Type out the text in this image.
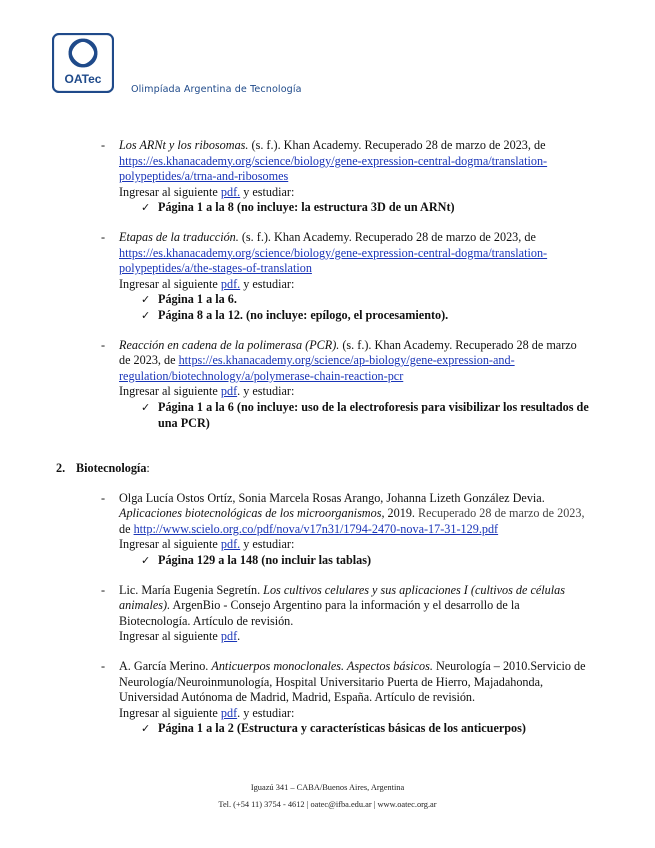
OATec
Olimpíada Argentina de Tecnología
- Los ARNt y los ribosomas. (s. f.). Khan Academy. Recuperado 28 de marzo de 2023, de

https://es.khanacademy.org/science/biology/gene-expression-central-dogma/translation-

polypeptides/a/trna-and-ribosomes

Ingresar al siguiente pdf. y estudiar:

✓ Página 1 a la 8 (no incluye: la estructura 3D de un ARNt)
- Etapas de la traducción. (s. f.). Khan Academy. Recuperado 28 de marzo de 2023, de

https://es.khanacademy.org/science/biology/gene-expression-central-dogma/translation-

polypeptides/a/the-stages-of-translation

Ingresar al siguiente pdf. y estudiar:

✓ Página 1 a la 6.
✓ Página 8 a la 12. (no incluye: epílogo, el procesamiento).
- Reacción en cadena de la polimerasa (PCR). (s. f.). Khan Academy. Recuperado 28 de marzo

de 2023, de https://es.khanacademy.org/science/ap-biology/gene-expression-and-

regulation/biotechnology/a/polymerase-chain-reaction-pcr

Ingresar al siguiente pdf. y estudiar:

✓ Página 1 a la 6 (no incluye: uso de la electroforesis para visibilizar los resultados de
una PCR)
2. Biotecnología:
- Olga Lucía Ostos Ortíz, Sonia Marcela Rosas Arango, Johanna Lizeth González Devia.

Aplicaciones biotecnológicas de los microorganismos, 2019. Recuperado 28 de marzo de 2023,

de http://www.scielo.org.co/pdf/nova/v17n31/1794-2470-nova-17-31-129.pdf

Ingresar al siguiente pdf. y estudiar:

✓ Página 129 a la 148 (no incluir las tablas)
- Lic. María Eugenia Segretín. Los cultivos celulares y sus aplicaciones I (cultivos de células

animales). ArgenBio - Consejo Argentino para la información y el desarrollo de la

Biotecnología. Artículo de revisión.

Ingresar al siguiente pdf.

- A. García Merino. Anticuerpos monoclonales. Aspectos básicos. Neurología – 2010.Servicio de

Neurología/Neuroinmunología, Hospital Universitario Puerta de Hierro, Majadahonda,

Universidad Autónoma de Madrid, Madrid, España. Artículo de revisión.

Ingresar al siguiente pdf. y estudiar:

✓ Página 1 a la 2 (Estructura y características básicas de los anticuerpos)
Iguazú 341 – CABA/Buenos Aires, Argentina
Tel. (+54 11) 3754 - 4612 | oatec@ifba.edu.ar | www.oatec.org.ar
